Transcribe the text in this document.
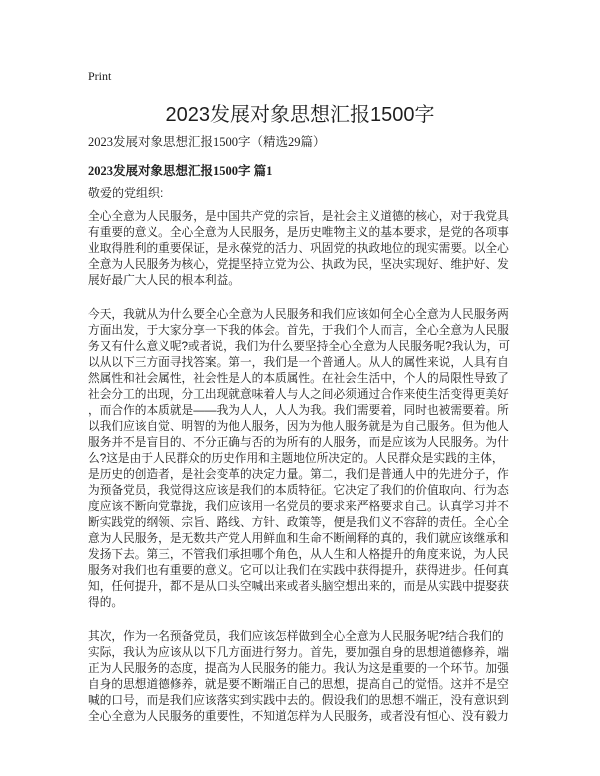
Print
2023发展对象思想汇报1500字
2023发展对象思想汇报1500字（精选29篇）
2023发展对象思想汇报1500字 篇1
敬爱的党组织:
全心全意为人民服务，是中国共产党的宗旨，是社会主义道德的核心，对于我党具
有重要的意义。全心全意为人民服务，是历史唯物主义的基本要求，是党的各项事
业取得胜利的重要保证，是永葆党的活力、巩固党的执政地位的现实需要。以全心
全意为人民服务为核心，党提坚持立党为公、执政为民，坚决实现好、维护好、发
展好最广大人民的根本利益。
今天，我就从为什么要全心全意为人民服务和我们应该如何全心全意为人民服务两
方面出发，于大家分享一下我的体会。首先，于我们个人而言，全心全意为人民服
务又有什么意义呢?或者说，我们为什么要坚持全心全意为人民服务呢?我认为，可
以从以下三方面寻找答案。第一，我们是一个普通人。从人的属性来说，人具有自
然属性和社会属性，社会性是人的本质属性。在社会生活中，个人的局限性导致了
社会分工的出现，分工出现就意味着人与人之间必须通过合作来使生活变得更美好
，而合作的本质就是——我为人人，人人为我。我们需要着，同时也被需要着。所
以我们应该自觉、明智的为他人服务，因为为他人服务就是为自己服务。但为他人
服务并不是盲目的、不分正确与否的为所有的人服务，而是应该为人民服务。为什
么?这是由于人民群众的历史作用和主题地位所决定的。人民群众是实践的主体，
是历史的创造者，是社会变革的决定力量。第二，我们是普通人中的先进分子，作
为预备党员，我觉得这应该是我们的本质特征。它决定了我们的价值取向、行为态
度应该不断向党靠拢，我们应该用一名党员的要求来严格要求自己。认真学习并不
断实践党的纲领、宗旨、路线、方针、政策等，便是我们义不容辞的责任。全心全
意为人民服务，是无数共产党人用鲜血和生命不断阐释的真的，我们就应该继承和
发扬下去。第三，不管我们承担哪个角色，从人生和人格提升的角度来说，为人民
服务对我们也有重要的意义。它可以让我们在实践中获得提升，获得进步。任何真
知，任何提升，都不是从口头空喊出来或者头脑空想出来的，而是从实践中提娶获
得的。
其次，作为一名预备党员，我们应该怎样做到全心全意为人民服务呢?结合我们的
实际，我认为应该从以下几方面进行努力。首先，要加强自身的思想道德修养，端
正为人民服务的态度，提高为人民服务的能力。我认为这是重要的一个环节。加强
自身的思想道德修养，就是要不断端正自己的思想，提高自己的觉悟。这并不是空
喊的口号，而是我们应该落实到实践中去的。假设我们的思想不端正，没有意识到
全心全意为人民服务的重要性，不知道怎样为人民服务，或者没有恒心、没有毅力
